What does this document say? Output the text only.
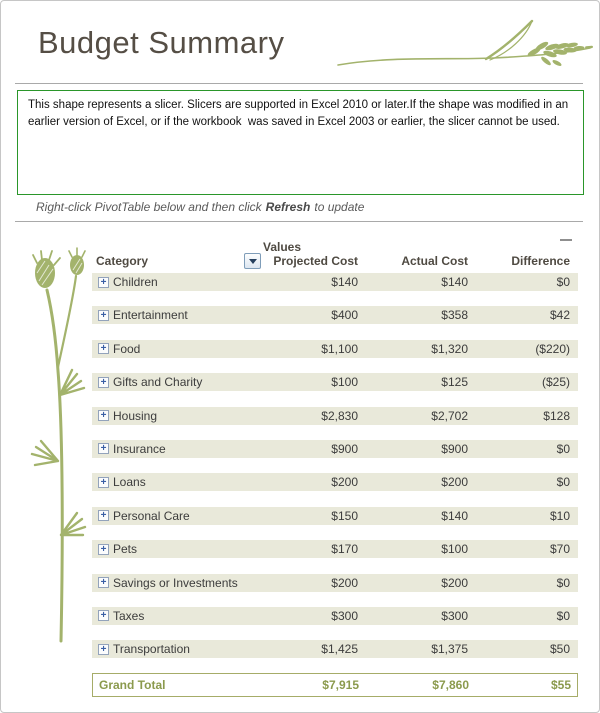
Budget Summary

This shape represents a slicer. Slicers are supported in Excel 2010 or later.If the shape was modified in an earlier version of Excel, or if the workbook  was saved in Excel 2003 or earlier, the slicer cannot be used.

Right-click PivotTable below and then click Refresh to update
Values
Category	Projected Cost	Actual Cost	Difference
+ Children	$140	$140	$0
+ Entertainment	$400	$358	$42
+ Food	$1,100	$1,320	($220)
+ Gifts and Charity	$100	$125	($25)
+ Housing	$2,830	$2,702	$128
+ Insurance	$900	$900	$0
+ Loans	$200	$200	$0
+ Personal Care	$150	$140	$10
+ Pets	$170	$100	$70
+ Savings or Investments	$200	$200	$0
+ Taxes	$300	$300	$0
+ Transportation	$1,425	$1,375	$50
Grand Total	$7,915	$7,860	$55
